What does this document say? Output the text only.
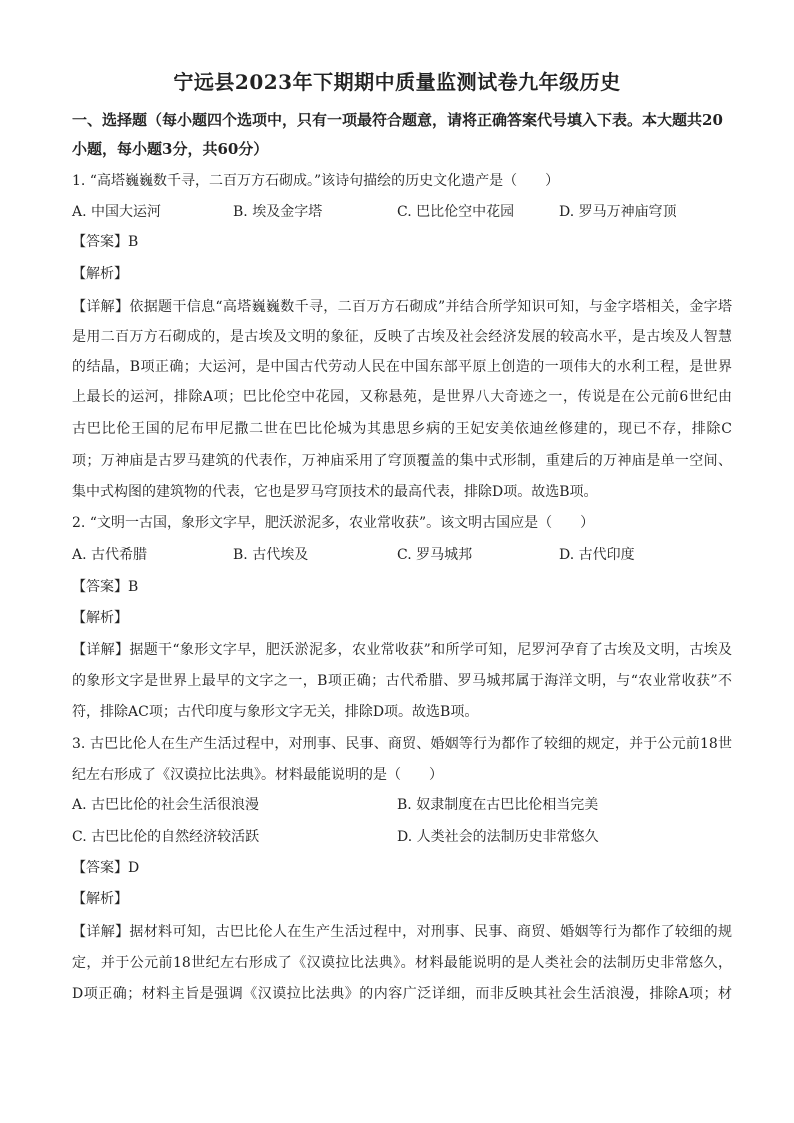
宁远县2023年下期期中质量监测试卷九年级历史
一、选择题（每小题四个选项中，只有一项最符合题意，请将正确答案代号填入下表。本大题共20小题，每小题3分，共60分）
1. “高塔巍巍数千寻，二百万方石砌成。”该诗句描绘的历史文化遗产是（　　）
A. 中国大运河	B. 埃及金字塔	C. 巴比伦空中花园	D. 罗马万神庙穹顶
【答案】B
【解析】
【详解】依据题干信息“高塔巍巍数千寻，二百万方石砌成”并结合所学知识可知，与金字塔相关，金字塔
是用二百万方石砌成的，是古埃及文明的象征，反映了古埃及社会经济发展的较高水平，是古埃及人智慧
的结晶，B项正确；大运河，是中国古代劳动人民在中国东部平原上创造的一项伟大的水利工程，是世界
上最长的运河，排除A项；巴比伦空中花园，又称悬苑，是世界八大奇迹之一，传说是在公元前6世纪由
古巴比伦王国的尼布甲尼撒二世在巴比伦城为其患思乡病的王妃安美依迪丝修建的，现已不存，排除C
项；万神庙是古罗马建筑的代表作，万神庙采用了穹顶覆盖的集中式形制，重建后的万神庙是单一空间、
集中式构图的建筑物的代表，它也是罗马穹顶技术的最高代表，排除D项。故选B项。
2. “文明一古国，象形文字早，肥沃淤泥多，农业常收获”。该文明古国应是（　　）
A. 古代希腊	B. 古代埃及	C. 罗马城邦	D. 古代印度
【答案】B
【解析】
【详解】据题干“象形文字早，肥沃淤泥多，农业常收获”和所学可知，尼罗河孕育了古埃及文明，古埃及
的象形文字是世界上最早的文字之一，B项正确；古代希腊、罗马城邦属于海洋文明，与“农业常收获”不
符，排除AC项；古代印度与象形文字无关，排除D项。故选B项。
3. 古巴比伦人在生产生活过程中，对刑事、民事、商贸、婚姻等行为都作了较细的规定，并于公元前18世
纪左右形成了《汉谟拉比法典》。材料最能说明的是（　　）
A. 古巴比伦的社会生活很浪漫	B. 奴隶制度在古巴比伦相当完美
C. 古巴比伦的自然经济较活跃	D. 人类社会的法制历史非常悠久
【答案】D
【解析】
【详解】据材料可知，古巴比伦人在生产生活过程中，对刑事、民事、商贸、婚姻等行为都作了较细的规
定，并于公元前18世纪左右形成了《汉谟拉比法典》。材料最能说明的是人类社会的法制历史非常悠久，
D项正确；材料主旨是强调《汉谟拉比法典》的内容广泛详细，而非反映其社会生活浪漫，排除A项；材
